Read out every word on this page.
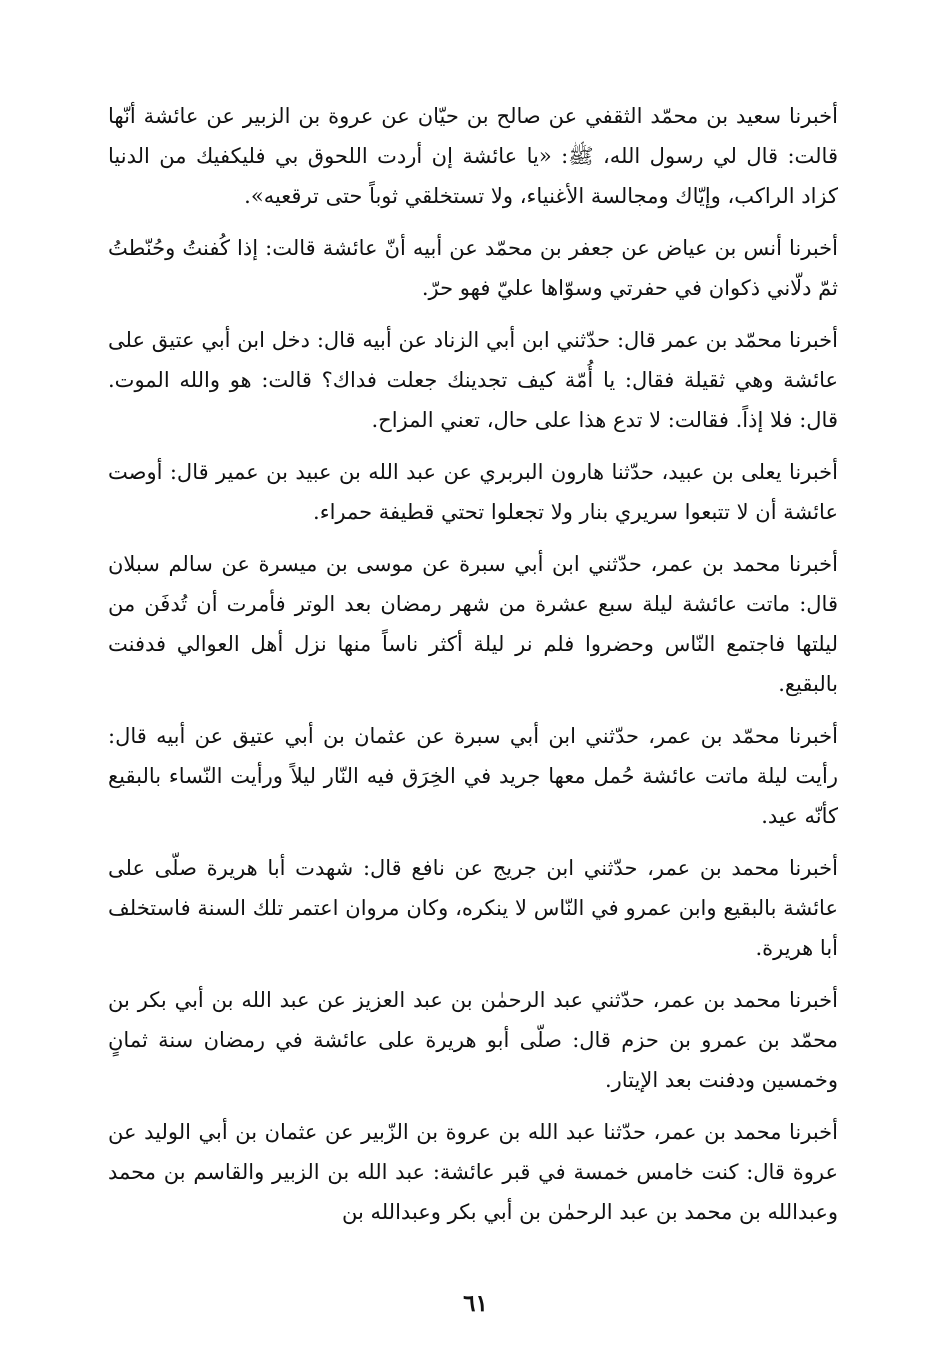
أخبرنا سعيد بن محمّد الثقفي عن صالح بن حيّان عن عروة بن الزبير عن عائشة أنّها قالت: قال لي رسول الله، ﷺ: «يا عائشة إن أردت اللحوق بي فليكفيك من الدنيا كزاد الراكب، وإيّاك ومجالسة الأغنياء، ولا تستخلقي ثوباً حتى ترقعيه».

أخبرنا أنس بن عياض عن جعفر بن محمّد عن أبيه أنّ عائشة قالت: إذا كُفنتُ وحُنّطتُ ثمّ دلّاني ذكوان في حفرتي وسوّاها عليّ فهو حرّ.

أخبرنا محمّد بن عمر قال: حدّثني ابن أبي الزناد عن أبيه قال: دخل ابن أبي عتيق على عائشة وهي ثقيلة فقال: يا أُمّة كيف تجدينك جعلت فداك؟ قالت: هو والله الموت. قال: فلا إذاً. فقالت: لا تدع هذا على حال، تعني المزاح.

أخبرنا يعلى بن عبيد، حدّثنا هارون البربري عن عبد الله بن عبيد بن عمير قال: أوصت عائشة أن لا تتبعوا سريري بنار ولا تجعلوا تحتي قطيفة حمراء.

أخبرنا محمد بن عمر، حدّثني ابن أبي سبرة عن موسى بن ميسرة عن سالم سبلان قال: ماتت عائشة ليلة سبع عشرة من شهر رمضان بعد الوتر فأمرت أن تُدفَن من ليلتها فاجتمع النّاس وحضروا فلم نر ليلة أكثر ناساً منها نزل أهل العوالي فدفنت بالبقيع.

أخبرنا محمّد بن عمر، حدّثني ابن أبي سبرة عن عثمان بن أبي عتيق عن أبيه قال: رأيت ليلة ماتت عائشة حُمل معها جريد في الخِرَق فيه النّار ليلاً ورأيت النّساء بالبقيع كأنّه عيد.

أخبرنا محمد بن عمر، حدّثني ابن جريج عن نافع قال: شهدت أبا هريرة صلّى على عائشة بالبقيع وابن عمرو في النّاس لا ينكره، وكان مروان اعتمر تلك السنة فاستخلف أبا هريرة.

أخبرنا محمد بن عمر، حدّثني عبد الرحمٰن بن عبد العزيز عن عبد الله بن أبي بكر بن محمّد بن عمرو بن حزم قال: صلّى أبو هريرة على عائشة في رمضان سنة ثمانٍ وخمسين ودفنت بعد الإيتار.

أخبرنا محمد بن عمر، حدّثنا عبد الله بن عروة بن الزّبير عن عثمان بن أبي الوليد عن عروة قال: كنت خامس خمسة في قبر عائشة: عبد الله بن الزبير والقاسم بن محمد وعبدالله بن محمد بن عبد الرحمٰن بن أبي بكر وعبدالله بن

٦١
